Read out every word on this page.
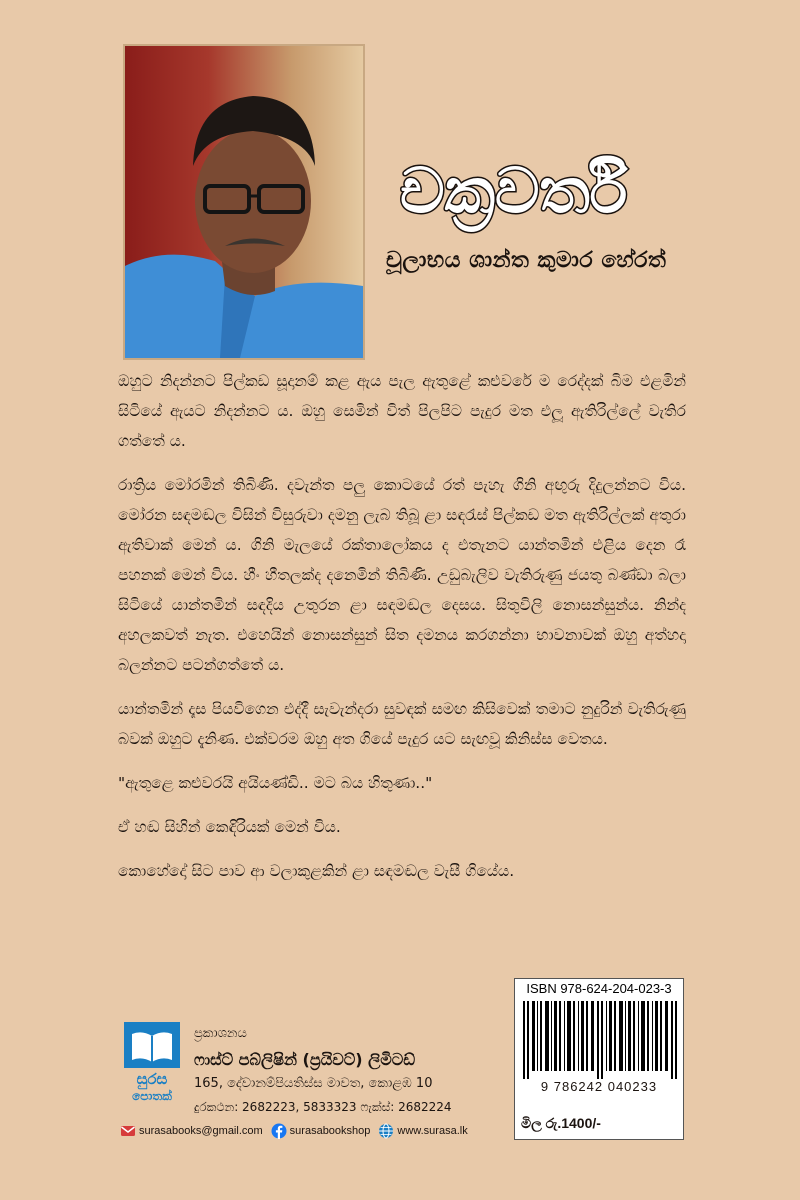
චක්‍රවර්ති
චූලාභය ශාන්ත කුමාර හේරත්

ඔහුට නිදන්නට පිල්කඩ සූදානම් කළ ඇය පැල ඇතුළේ කළුවරේ ම රෙද්දක් බිම එළමින් සිටියේ ඇයට නිදන්නට ය. ඔහු සෙමින් විත් පිලපිට පැදුර මත එලූ ඇතිරිල්ලේ වැතිර ගත්තේ ය.

රාත්‍රිය මෝරමින් තිබිණි. දවැන්ත පලු කොටයේ රත් පැහැ ගිනි අඟුරු දිදුලන්නට විය. මෝරන සඳමඬල විසින් විසුරුවා දමනු ලැබ තිබූ ළා සඳරැස් පිල්කඩ මත ඇතිරිල්ලක් අතුරා ඇතිවාක් මෙන් ය. ගිනි මැලයේ රක්තාලෝකය ද එතැනට යාන්තමින් එළිය දෙන රෑ පහනක් මෙන් විය. හීං හීතලක්ද දනෙමින් තිබිණි. උඩුබැලිව වැතිරුණු ජයතු බණ්ඩා බලා සිටියේ යාන්තමින් සඳදිය උතුරන ළා සඳමඬල දෙසය. සිතුවිලි නොසන්සුන්ය. නින්ද අහලකවත් නැත. එහෙයින් නොසන්සුන් සිත දමනය කරගන්නා භාවනාවක් ඔහු අත්හදා බලන්නට පටන්ගත්තේ ය.

යාන්තමින් දෑස පියවිගෙන එද්දී සැවැන්දරා සුවඳක් සමඟ කිසිවෙක් තමාට නුදුරින් වැතිරුණු බවක් ඔහුට දැනිණ. එක්වරම ඔහු අත ගියේ පැදුර යට සැඟවූ කිනිස්ස වෙතය.

"ඇතුළෙ කළුවරයි අයියණ්ඩි.. මට බය හිතුණා.."

ඒ හඬ සිහින් කෙඳිරියක් මෙන් විය.

කොහේදෝ සිට පාව ආ වලාකුළකින් ළා සඳමඬල වැසී ගියේය.

ISBN 978-624-204-023-3
9 786242 040233
මිල රු.1400/-
සුරස
පොතක්
ප්‍රකාශනය
ෆාස්ට් පබ්ලිෂින් (ප්‍රයිවට්) ලිමිටඩ්
165, දේවානම්පියතිස්ස මාවත, කොළඹ 10
දුරකථන: 2682223, 5833323 ෆැක්ස්: 2682224
surasabooks@gmail.com surasabookshop www.surasa.lk
